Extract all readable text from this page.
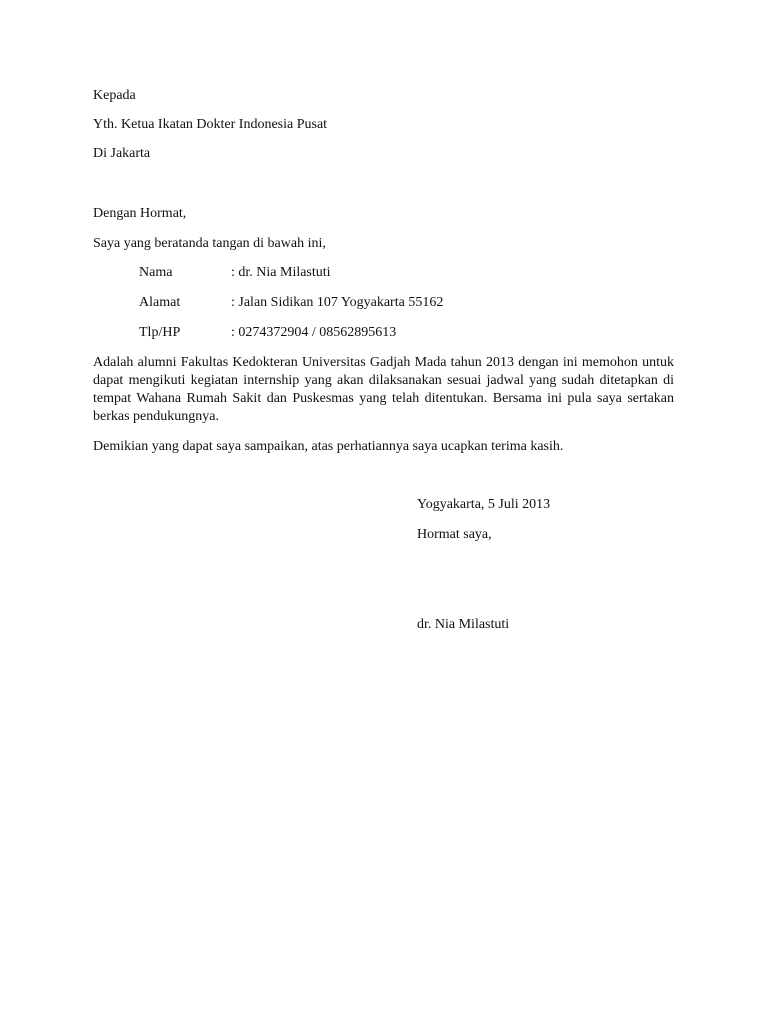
Kepada
Yth. Ketua Ikatan Dokter Indonesia Pusat
Di Jakarta
Dengan Hormat,
Saya yang beratanda tangan di bawah ini,
Nama	: dr. Nia Milastuti
Alamat	: Jalan Sidikan 107 Yogyakarta 55162
Tlp/HP	: 0274372904 / 08562895613
Adalah alumni Fakultas Kedokteran Universitas Gadjah Mada tahun 2013 dengan ini memohon untuk
dapat mengikuti kegiatan internship yang akan dilaksanakan sesuai jadwal yang sudah ditetapkan di
tempat Wahana Rumah Sakit dan Puskesmas yang telah ditentukan. Bersama ini pula saya sertakan
berkas pendukungnya.
Demikian yang dapat saya sampaikan, atas perhatiannya saya ucapkan terima kasih.
Yogyakarta, 5 Juli 2013
Hormat saya,
dr. Nia Milastuti
